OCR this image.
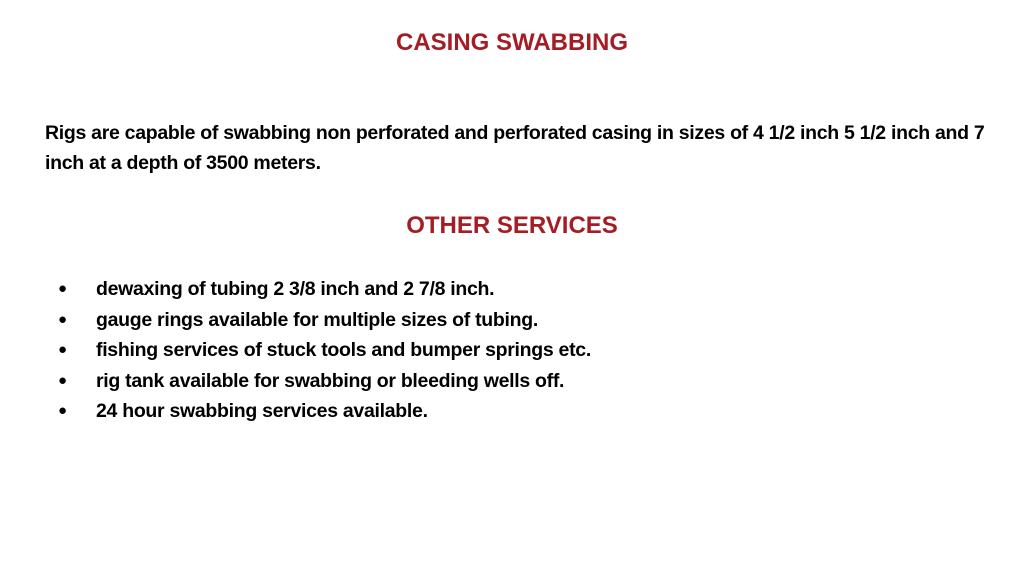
CASING SWABBING

Rigs are capable of swabbing non perforated and perforated casing in sizes of 4 1/2 inch 5 1/2 inch and 7 inch at a depth of 3500 meters.

OTHER SERVICES
● dewaxing of tubing 2 3/8 inch and 2 7/8 inch.
● gauge rings available for multiple sizes of tubing.
● fishing services of stuck tools and bumper springs etc.
● rig tank available for swabbing or bleeding wells off.
● 24 hour swabbing services available.
